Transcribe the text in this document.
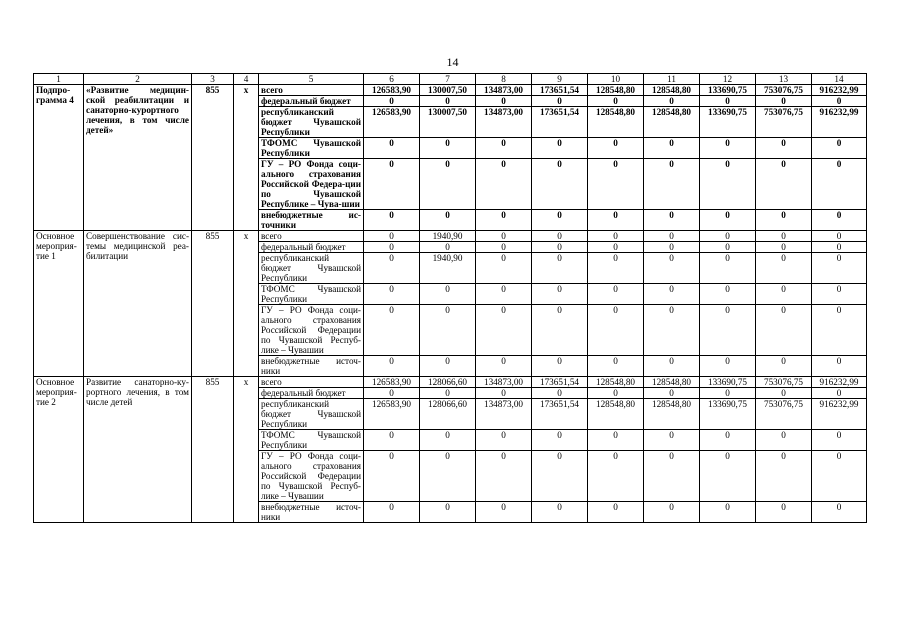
14
1	2	3	4	5	6	7	8	9	10	11	12	13	14
Подпро-грамма 4	«Развитие медицин-ской реабилитации и санаторно-курортного лечения, в том числе детей»	855	x	всего	126583,90	130007,50	134873,00	173651,54	128548,80	128548,80	133690,75	753076,75	916232,99
				федеральный бюджет	0	0	0	0	0	0	0	0	0
				республиканский бюджет Чувашской Республики	126583,90	130007,50	134873,00	173651,54	128548,80	128548,80	133690,75	753076,75	916232,99
				ТФОМС Чувашской Республики	0	0	0	0	0	0	0	0	0
				ГУ – РО Фонда соци-ального страхования Российской Федера-ции по Чувашской Республике – Чува-шии	0	0	0	0	0	0	0	0	0
				внебюджетные ис-точники	0	0	0	0	0	0	0	0	0
Основное мероприя-тие 1	Совершенствование сис-темы медицинской реа-билитации	855	x	всего	0	1940,90	0	0	0	0	0	0	0
				федеральный бюджет	0	0	0	0	0	0	0	0	0
				республиканский бюджет Чувашской Республики	0	1940,90	0	0	0	0	0	0	0
				ТФОМС Чувашской Республики	0	0	0	0	0	0	0	0	0
				ГУ – РО Фонда соци-ального страхования Российской Федерации по Чувашской Респуб-лике – Чувашии	0	0	0	0	0	0	0	0	0
				внебюджетные источ-ники	0	0	0	0	0	0	0	0	0
Основное мероприя-тие 2	Развитие санаторно-ку-рортного лечения, в том числе детей	855	x	всего	126583,90	128066,60	134873,00	173651,54	128548,80	128548,80	133690,75	753076,75	916232,99
				федеральный бюджет	0	0	0	0	0	0	0	0	0
				республиканский бюджет Чувашской Республики	126583,90	128066,60	134873,00	173651,54	128548,80	128548,80	133690,75	753076,75	916232,99
				ТФОМС Чувашской Республики	0	0	0	0	0	0	0	0	0
				ГУ – РО Фонда соци-ального страхования Российской Федерации по Чувашской Респуб-лике – Чувашии	0	0	0	0	0	0	0	0	0
				внебюджетные источ-ники	0	0	0	0	0	0	0	0	0
